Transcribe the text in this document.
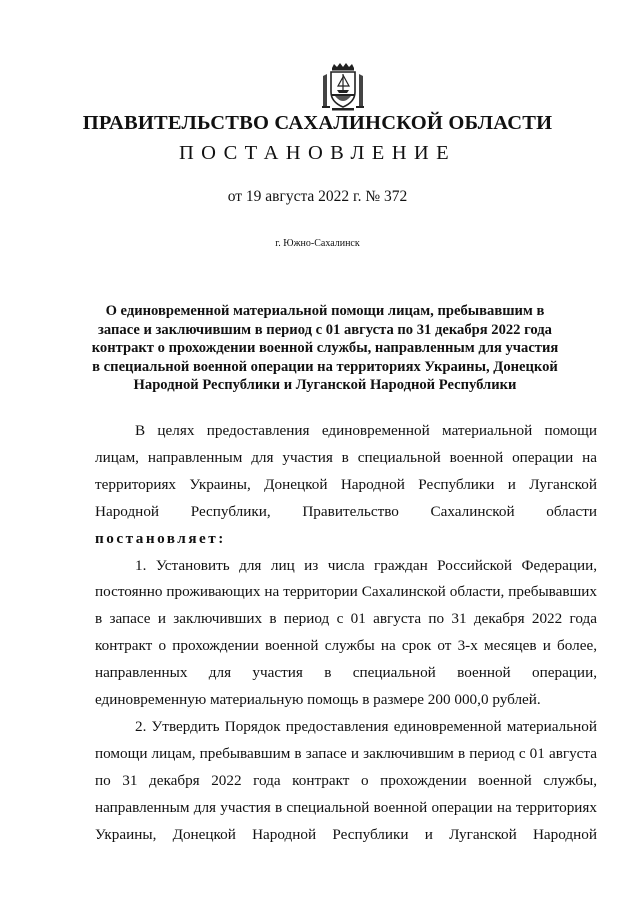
ПРАВИТЕЛЬСТВО САХАЛИНСКОЙ ОБЛАСТИ
ПОСТАНОВЛЕНИЕ
от 19 августа 2022 г. № 372
г. Южно-Сахалинск

О единовременной материальной помощи лицам, пребывавшим в запасе и заключившим в период с 01 августа по 31 декабря 2022 года контракт о прохождении военной службы, направленным для участия в специальной военной операции на территориях Украины, Донецкой Народной Республики и Луганской Народной Республики

В целях предоставления единовременной материальной помощи лицам, направленным для участия в специальной военной операции на территориях Украины, Донецкой Народной Республики и Луганской Народной Республики, Правительство Сахалинской области постановляет:

1. Установить для лиц из числа граждан Российской Федерации, постоянно проживающих на территории Сахалинской области, пребывавших в запасе и заключивших в период с 01 августа по 31 декабря 2022 года контракт о прохождении военной службы на срок от 3-х месяцев и более, направленных для участия в специальной военной операции, единовременную материальную помощь в размере 200 000,0 рублей.

2. Утвердить Порядок предоставления единовременной материальной помощи лицам, пребывавшим в запасе и заключившим в период с 01 августа по 31 декабря 2022 года контракт о прохождении военной службы, направленным для участия в специальной военной операции на территориях Украины, Донецкой Народной Республики и Луганской Народной
